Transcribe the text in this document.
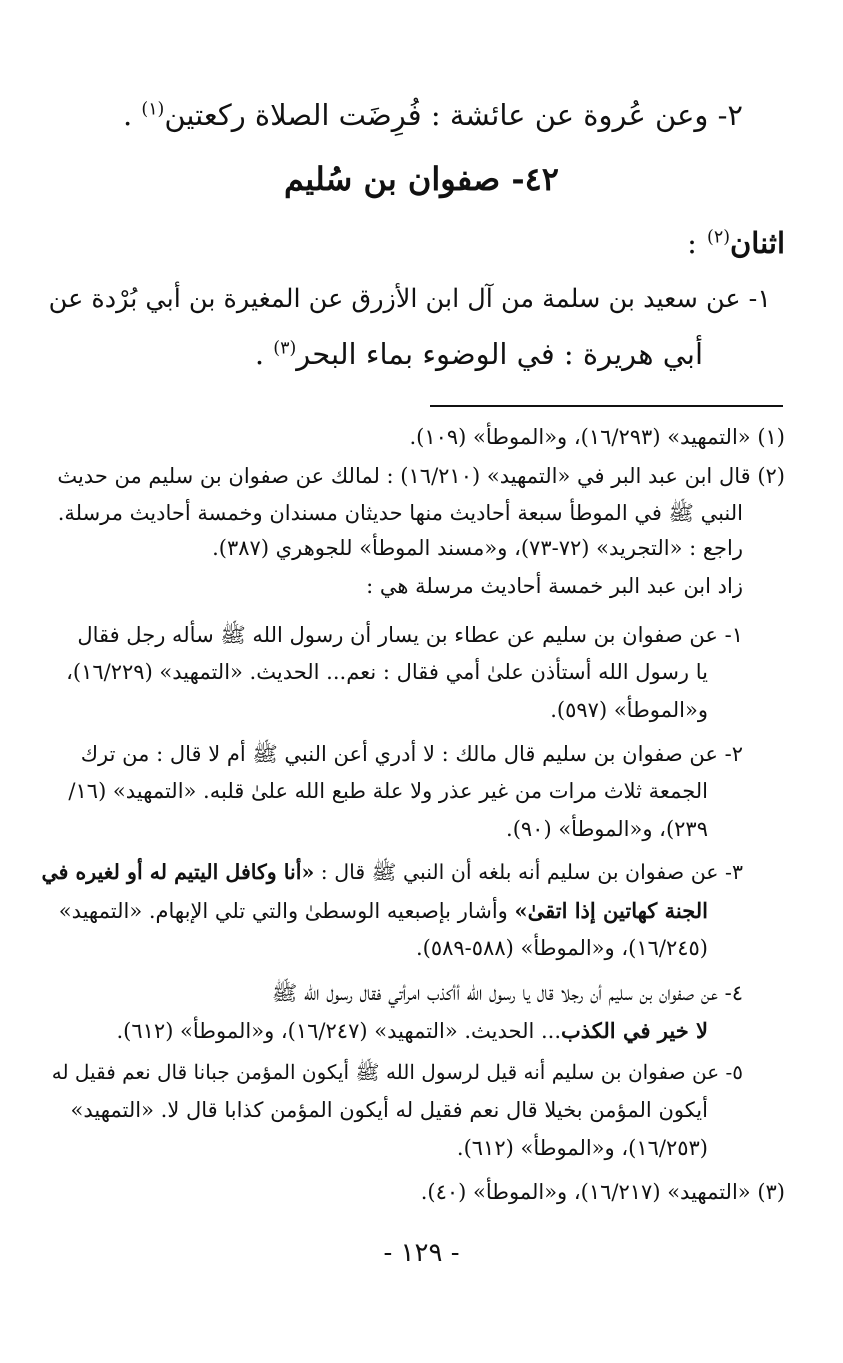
٢- وعن عُروة عن عائشة : فُرِضَت الصلاة ركعتين$^{(١)}$ .
٤٢- صفوان بن سُليم
اثنان$^{(٢)}$ :
١- عن سعيد بن سلمة من آل ابن الأزرق عن المغيرة بن أبي بُرْدة عن
أبي هريرة : في الوضوء بماء البحر$^{(٣)}$ .
(١) «التمهيد» (١٦/٢٩٣)، و«الموطأ» (١٠٩).
(٢) قال ابن عبد البر في «التمهيد» (١٦/٢١٠) : لمالك عن صفوان بن سليم من حديث
النبي ﷺ في الموطأ سبعة أحاديث منها حديثان مسندان وخمسة أحاديث مرسلة.
راجع : «التجريد» (٧٢-٧٣)، و«مسند الموطأ» للجوهري (٣٨٧).
زاد ابن عبد البر خمسة أحاديث مرسلة هي :
١- عن صفوان بن سليم عن عطاء بن يسار أن رسول الله ﷺ سأله رجل فقال
يا رسول الله أستأذن علىٰ أمي فقال : نعم... الحديث. «التمهيد» (١٦/٢٢٩)،
و«الموطأ» (٥٩٧).
٢- عن صفوان بن سليم قال مالك : لا أدري أعن النبي ﷺ أم لا قال : من ترك
الجمعة ثلاث مرات من غير عذر ولا علة طبع الله علىٰ قلبه. «التمهيد» (١٦/
٢٣٩)، و«الموطأ» (٩٠).
٣- عن صفوان بن سليم أنه بلغه أن النبي ﷺ قال : «أنا وكافل اليتيم له أو لغيره في
الجنة كهاتين إذا اتقىٰ» وأشار بإصبعيه الوسطىٰ والتي تلي الإبهام. «التمهيد»
(١٦/٢٤٥)، و«الموطأ» (٥٨٨-٥٨٩).
٤- عن صفوان بن سليم أن رجلا قال يا رسول الله أأكذب امرأتي فقال رسول الله ﷺ
لا خير في الكذب... الحديث. «التمهيد» (١٦/٢٤٧)، و«الموطأ» (٦١٢).
٥- عن صفوان بن سليم أنه قيل لرسول الله ﷺ أيكون المؤمن جبانا قال نعم فقيل له
أيكون المؤمن بخيلا قال نعم فقيل له أيكون المؤمن كذابا قال لا. «التمهيد»
(١٦/٢٥٣)، و«الموطأ» (٦١٢).
(٣) «التمهيد» (١٦/٢١٧)، و«الموطأ» (٤٠).
- ١٢٩ -
